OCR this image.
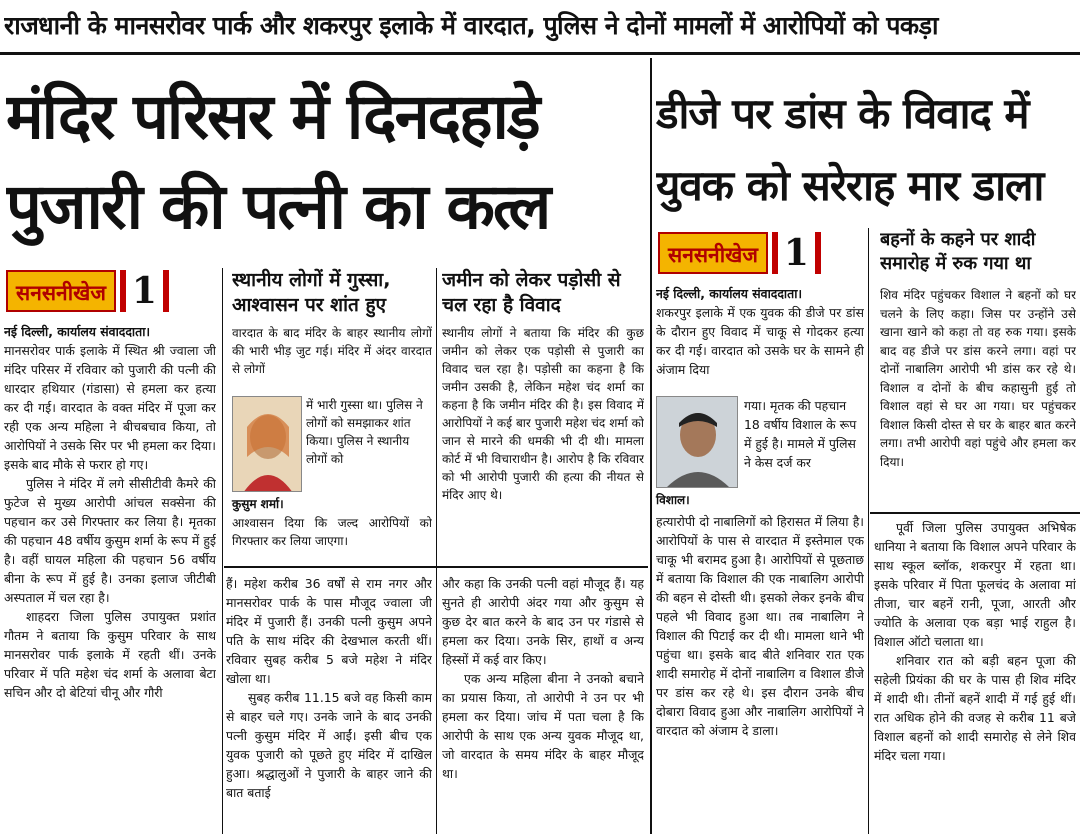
राजधानी के मानसरोवर पार्क और शकरपुर इलाके में वारदात, पुलिस ने दोनों मामलों में आरोपियों को पकड़ा
मंदिर परिसर में दिनदहाड़े
पुजारी की पत्नी का कत्ल
डीजे पर डांस के विवाद में
युवक को सरेराह मार डाला
सनसनीखेज 1

नई दिल्ली, कार्यालय संवाददाता।

मानसरोवर पार्क इलाके में स्थित श्री ज्वाला जी मंदिर परिसर में रविवार को पुजारी की पत्नी की धारदार हथियार (गंडासा) से हमला कर हत्या कर दी गई। वारदात के वक्त मंदिर में पूजा कर रही एक अन्य महिला ने बीचबचाव किया, तो आरोपियों ने उसके सिर पर भी हमला कर दिया। इसके बाद मौके से फरार हो गए।

पुलिस ने मंदिर में लगे सीसीटीवी कैमरे की फुटेज से मुख्य आरोपी आंचल सक्सेना की पहचान कर उसे गिरफ्तार कर लिया है। मृतका की पहचान 48 वर्षीय कुसुम शर्मा के रूप में हुई है। वहीं घायल महिला की पहचान 56 वर्षीय बीना के रूप में हुई है। उनका इलाज जीटीबी अस्पताल में चल रहा है।

शाहदरा जिला पुलिस उपायुक्त प्रशांत गौतम ने बताया कि कुसुम परिवार के साथ मानसरोवर पार्क इलाके में रहती थीं। उनके परिवार में पति महेश चंद शर्मा के अलावा बेटा सचिन और दो बेटियां चीनू और गौरी

स्थानीय लोगों में गुस्सा, आश्वासन पर शांत हुए
वारदात के बाद मंदिर के बाहर स्थानीय लोगों की भारी भीड़ जुट गई। मंदिर में अंदर वारदात से लोगों
में भारी गुस्सा था। पुलिस ने लोगों को समझाकर शांत किया। पुलिस ने स्थानीय लोगों को
कुसुम शर्मा।
आश्वासन दिया कि जल्द आरोपियों को गिरफ्तार कर लिया जाएगा।
जमीन को लेकर पड़ोसी से चल रहा है विवाद
स्थानीय लोगों ने बताया कि मंदिर की कुछ जमीन को लेकर एक पड़ोसी से पुजारी का विवाद चल रहा है। पड़ोसी का कहना है कि जमीन उसकी है, लेकिन महेश चंद शर्मा का कहना है कि जमीन मंदिर की है। इस विवाद में आरोपियों ने कई बार पुजारी महेश चंद शर्मा को जान से मारने की धमकी भी दी थी। मामला कोर्ट में भी विचाराधीन है। आरोप है कि रविवार को भी आरोपी पुजारी की हत्या की नीयत से मंदिर आए थे।

हैं। महेश करीब 36 वर्षों से राम नगर और मानसरोवर पार्क के पास मौजूद ज्वाला जी मंदिर में पुजारी हैं। उनकी पत्नी कुसुम अपने पति के साथ मंदिर की देखभाल करती थीं। रविवार सुबह करीब 5 बजे महेश ने मंदिर खोला था।

सुबह करीब 11.15 बजे वह किसी काम से बाहर चले गए। उनके जाने के बाद उनकी पत्नी कुसुम मंदिर में आईं। इसी बीच एक युवक पुजारी को पूछते हुए मंदिर में दाखिल हुआ। श्रद्धालुओं ने पुजारी के बाहर जाने की बात बताई

और कहा कि उनकी पत्नी वहां मौजूद हैं। यह सुनते ही आरोपी अंदर गया और कुसुम से कुछ देर बात करने के बाद उन पर गंडासे से हमला कर दिया। उनके सिर, हाथों व अन्य हिस्सों में कई वार किए।

एक अन्य महिला बीना ने उनको बचाने का प्रयास किया, तो आरोपी ने उन पर भी हमला कर दिया। जांच में पता चला है कि आरोपी के साथ एक अन्य युवक मौजूद था, जो वारदात के समय मंदिर के बाहर मौजूद था।

सनसनीखेज 1

नई दिल्ली, कार्यालय संवाददाता।

शकरपुर इलाके में एक युवक की डीजे पर डांस के दौरान हुए विवाद में चाकू से गोदकर हत्या कर दी गई। वारदात को उसके घर के सामने ही अंजाम दिया

गया। मृतक की पहचान 18 वर्षीय विशाल के रूप में हुई है। मामले में पुलिस ने केस दर्ज कर
विशाल।
हत्यारोपी दो नाबालिगों को हिरासत में लिया है। आरोपियों के पास से वारदात में इस्तेमाल एक चाकू भी बरामद हुआ है। आरोपियों से पूछताछ में बताया कि विशाल की एक नाबालिग आरोपी की बहन से दोस्ती थी। इसको लेकर इनके बीच पहले भी विवाद हुआ था। तब नाबालिग ने विशाल की पिटाई कर दी थी। मामला थाने भी पहुंचा था। इसके बाद बीते शनिवार रात एक शादी समारोह में दोनों नाबालिग व विशाल डीजे पर डांस कर रहे थे। इस दौरान उनके बीच दोबारा विवाद हुआ और नाबालिग आरोपियों ने वारदात को अंजाम दे डाला।
बहनों के कहने पर शादी समारोह में रुक गया था
शिव मंदिर पहुंचकर विशाल ने बहनों को घर चलने के लिए कहा। जिस पर उन्होंने उसे खाना खाने को कहा तो वह रुक गया। इसके बाद वह डीजे पर डांस करने लगा। वहां पर दोनों नाबालिग आरोपी भी डांस कर रहे थे। विशाल व दोनों के बीच कहासुनी हुई तो विशाल वहां से घर आ गया। घर पहुंचकर विशाल किसी दोस्त से घर के बाहर बात करने लगा। तभी आरोपी वहां पहुंचे और हमला कर दिया।

पूर्वी जिला पुलिस उपायुक्त अभिषेक धानिया ने बताया कि विशाल अपने परिवार के साथ स्कूल ब्लॉक, शकरपुर में रहता था। इसके परिवार में पिता फूलचंद के अलावा मां तीजा, चार बहनें रानी, पूजा, आरती और ज्योति के अलावा एक बड़ा भाई राहुल है। विशाल ऑटो चलाता था।

शनिवार रात को बड़ी बहन पूजा की सहेली प्रियंका की घर के पास ही शिव मंदिर में शादी थी। तीनों बहनें शादी में गई हुई थीं। रात अधिक होने की वजह से करीब 11 बजे विशाल बहनों को शादी समारोह से लेने शिव मंदिर चला गया।
